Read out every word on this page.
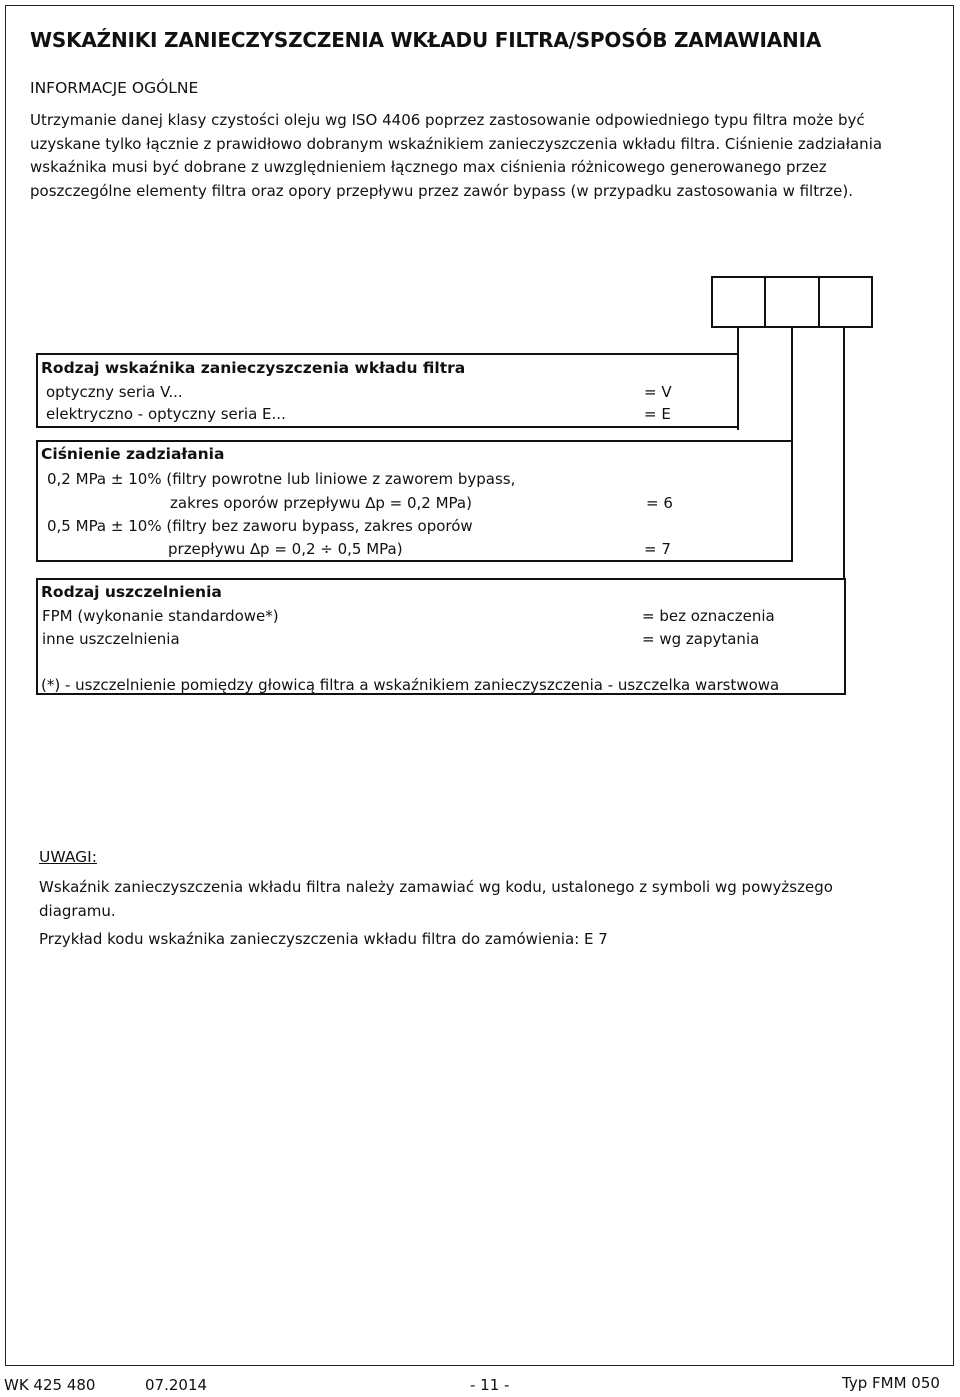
WSKAŹNIKI ZANIECZYSZCZENIA WKŁADU FILTRA/SPOSÓB ZAMAWIANIA
INFORMACJE OGÓLNE

Utrzymanie danej klasy czystości oleju wg ISO 4406 poprzez zastosowanie odpowiedniego typu filtra może być

uzyskane tylko łącznie z prawidłowo dobranym wskaźnikiem zanieczyszczenia wkładu filtra. Ciśnienie zadziałania

wskaźnika musi być dobrane z uwzględnieniem łącznego max ciśnienia różnicowego generowanego przez

poszczególne elementy filtra oraz opory przepływu przez zawór bypass (w przypadku zastosowania w filtrze).

Rodzaj wskaźnika zanieczyszczenia wkładu filtra
optyczny seria V...	= V
elektryczno - optyczny seria E...	= E
Ciśnienie zadziałania
0,2 MPa ± 10% (filtry powrotne lub liniowe z zaworem bypass,
zakres oporów przepływu ∆p = 0,2 MPa)	= 6
0,5 MPa ± 10% (filtry bez zaworu bypass, zakres oporów
przepływu ∆p = 0,2 ÷ 0,5 MPa)	= 7
Rodzaj uszczelnienia
FPM (wykonanie standardowe*)	= bez oznaczenia
inne uszczelnienia	= wg zapytania
(*) - uszczelnienie pomiędzy głowicą filtra a wskaźnikiem zanieczyszczenia - uszczelka warstwowa
UWAGI:
Wskaźnik zanieczyszczenia wkładu filtra należy zamawiać wg kodu, ustalonego z symboli wg powyższego
diagramu.
Przykład kodu wskaźnika zanieczyszczenia wkładu filtra do zamówienia: E 7
WK 425 480	07.2014	- 11 -	Typ FMM 050
